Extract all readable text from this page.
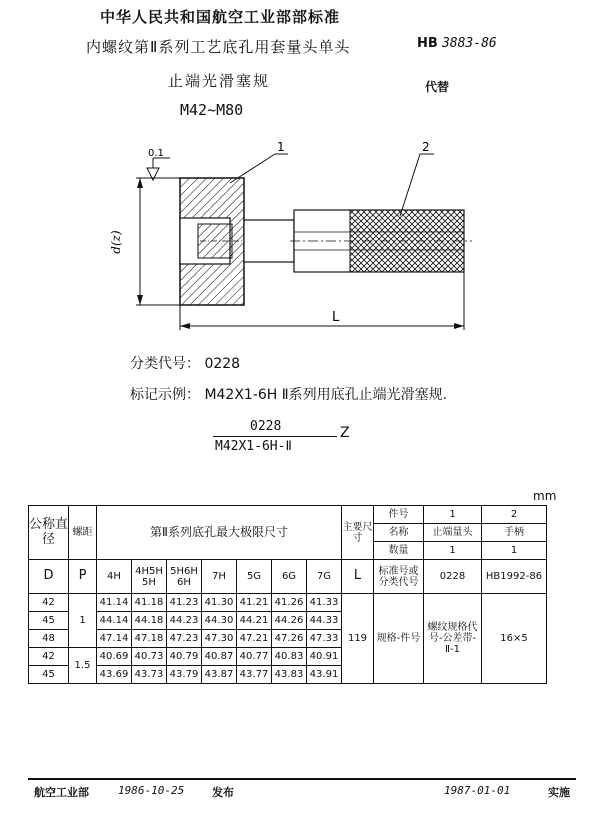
中华人民共和国航空工业部部标准
内螺纹第Ⅱ系列工艺底孔用套量头单头
止端光滑塞规
M42~M80
HB 3883-86
代替
d(z)
0.1	1	2
L
分类代号： 0228
标记示例： M42X1-6H Ⅱ系列用底孔止端光滑塞规.
0228
M42X1-6H-Ⅱ
Z
mm
公称直径	螺距	第Ⅱ系列底孔最大极限尺寸							主要尺寸	件号	1	2
										名称	止端量头	手柄
										数量	1	1
D	P	4H	4H5H 5H	5H6H 6H	7H	5G	6G	7G	L	标准号或分类代号	0228	HB1992-86
42	1	41.14	41.18	41.23	41.30	41.21	41.26	41.33	119	规格-件号	螺纹规格代号-公差带-Ⅱ-1	16×5
45		44.14	44.18	44.23	44.30	44.21	44.26	44.33				
48		47.14	47.18	47.23	47.30	47.21	47.26	47.33				
42	1.5	40.69	40.73	40.79	40.87	40.77	40.83	40.91				
45		43.69	43.73	43.79	43.87	43.77	43.83	43.91				
航空工业部	1986-10-25	发布	1987-01-01	实施
